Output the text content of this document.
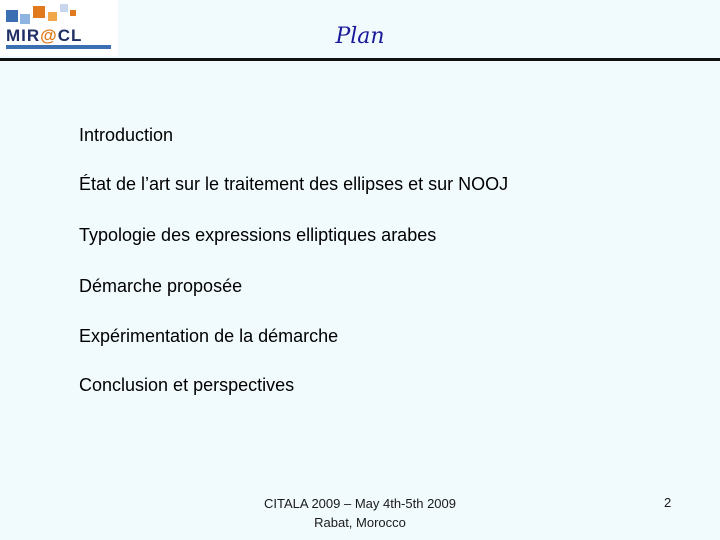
MIR@CL	Plan
Introduction
État de l’art sur le traitement des ellipses et sur NOOJ
Typologie des expressions elliptiques arabes
Démarche proposée
Expérimentation de la démarche
Conclusion et perspectives
CITALA 2009 – May 4th-5th 2009
Rabat, Morocco
2
